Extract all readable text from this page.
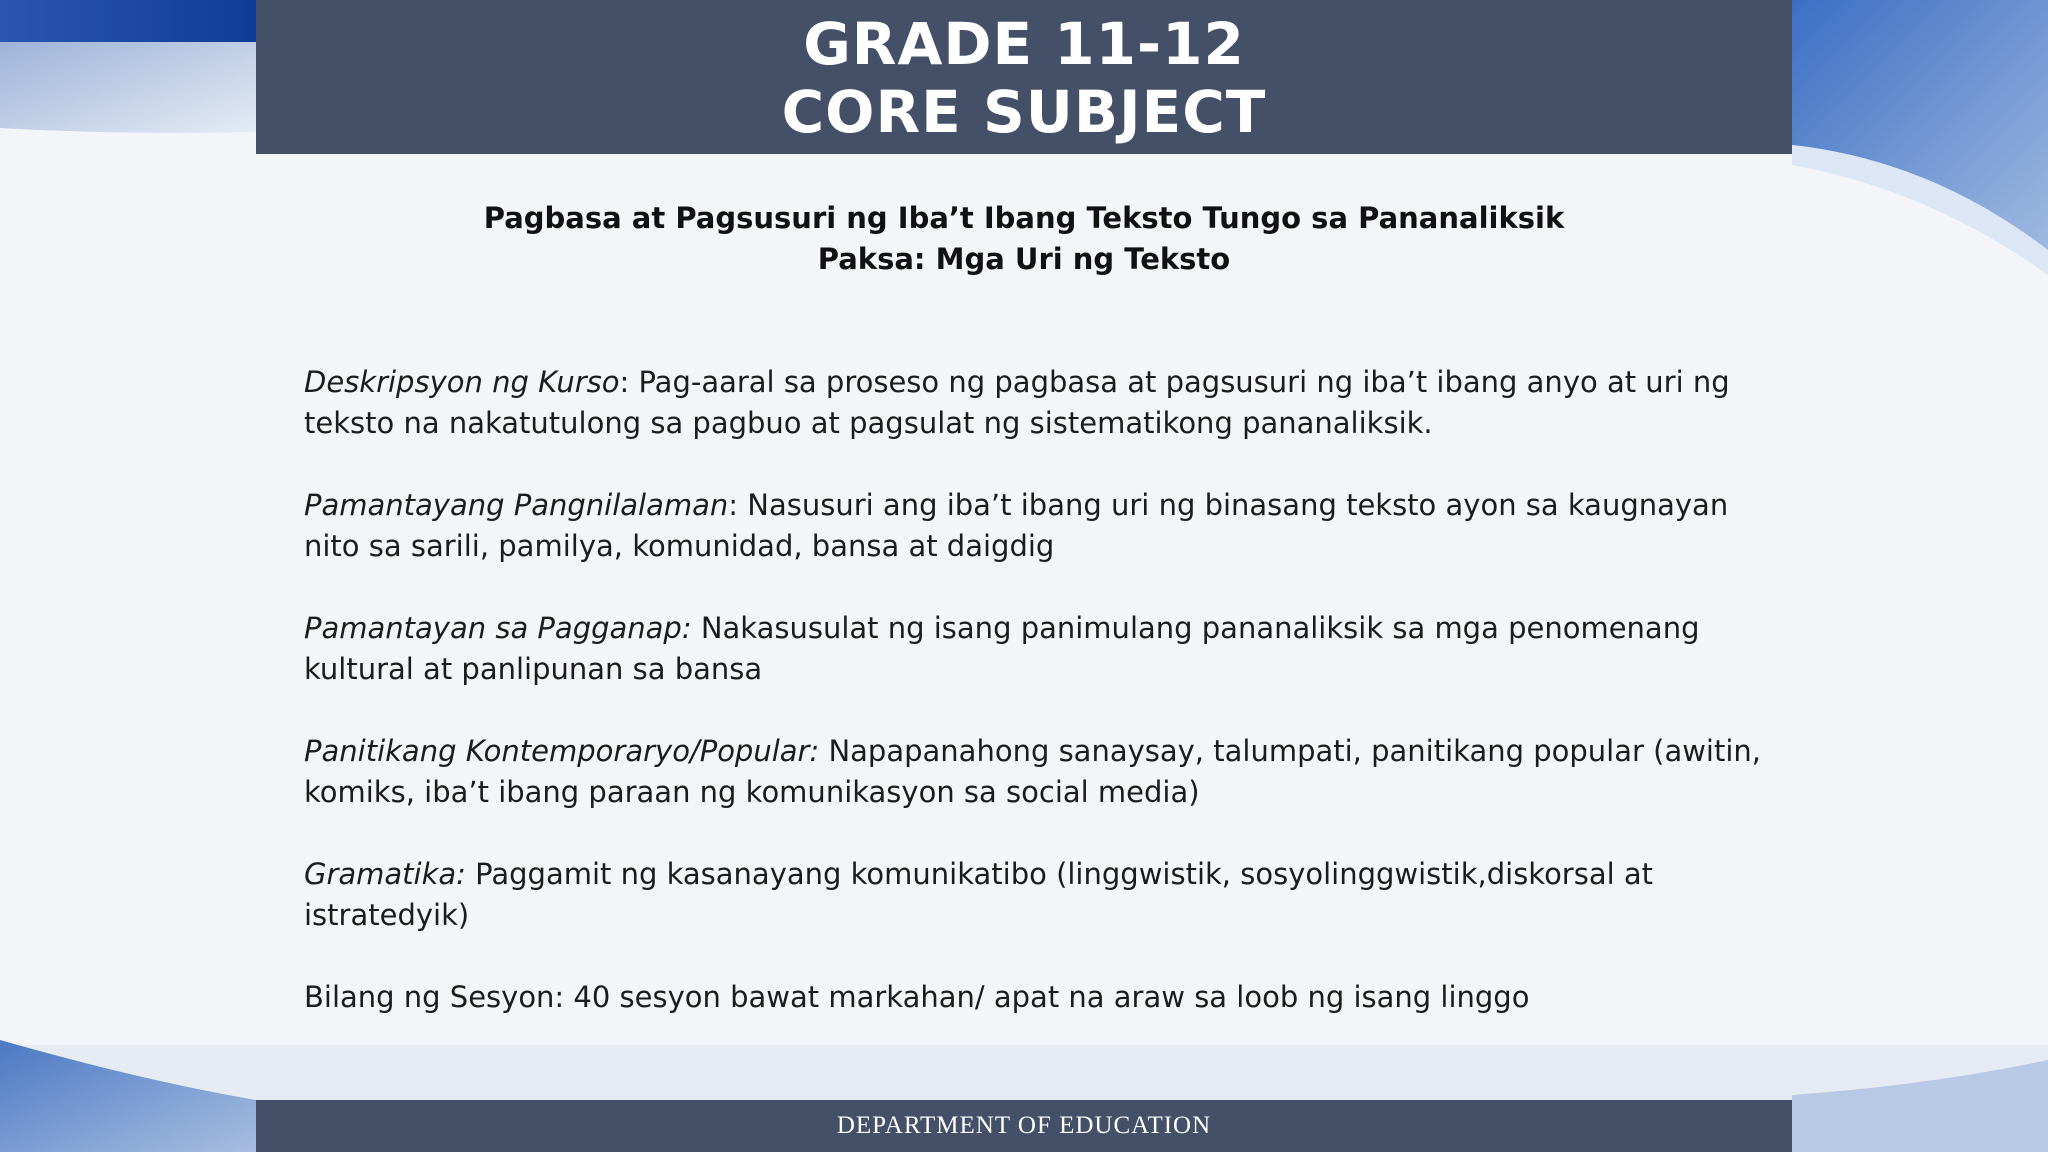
GRADE 11-12
CORE SUBJECT
Pagbasa at Pagsusuri ng Iba’t Ibang Teksto Tungo sa Pananaliksik
Paksa: Mga Uri ng Teksto

Deskripsyon ng Kurso: Pag-aaral sa proseso ng pagbasa at pagsusuri ng iba’t ibang anyo at uri ng teksto na nakatutulong sa pagbuo at pagsulat ng sistematikong pananaliksik.

Pamantayang Pangnilalaman: Nasusuri ang iba’t ibang uri ng binasang teksto ayon sa kaugnayan nito sa sarili, pamilya, komunidad, bansa at daigdig

Pamantayan sa Pagganap: Nakasusulat ng isang panimulang pananaliksik sa mga penomenang kultural at panlipunan sa bansa

Panitikang Kontemporaryo/Popular: Napapanahong sanaysay, talumpati, panitikang popular (awitin, komiks, iba’t ibang paraan ng komunikasyon sa social media)

Gramatika: Paggamit ng kasanayang komunikatibo (linggwistik, sosyolinggwistik,diskorsal at istratedyik)

Bilang ng Sesyon: 40 sesyon bawat markahan/ apat na araw sa loob ng isang linggo

DEPARTMENT OF EDUCATION
